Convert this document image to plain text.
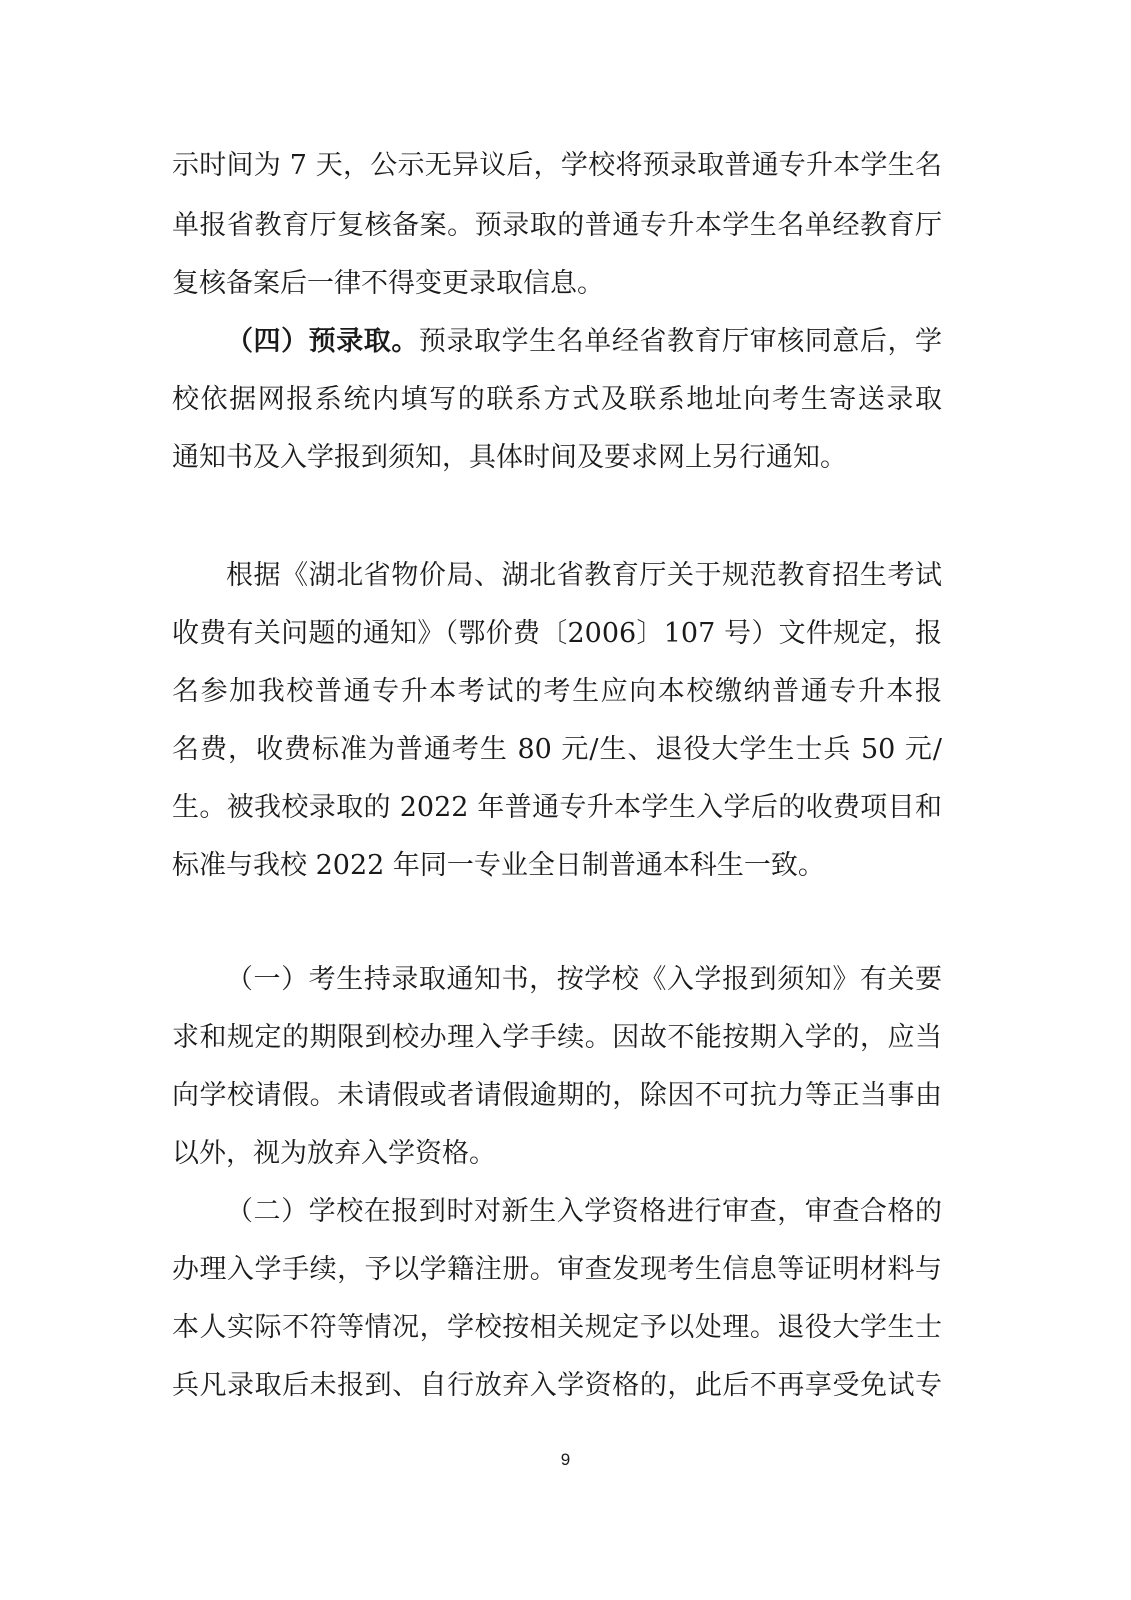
示时间为 7 天，公示无异议后，学校将预录取普通专升本学生名
单报省教育厅复核备案。预录取的普通专升本学生名单经教育厅
复核备案后一律不得变更录取信息。
（四）预录取。预录取学生名单经省教育厅审核同意后，学
校依据网报系统内填写的联系方式及联系地址向考生寄送录取
通知书及入学报到须知，具体时间及要求网上另行通知。
根据《湖北省物价局、湖北省教育厅关于规范教育招生考试
收费有关问题的通知》（鄂价费〔2006〕107 号）文件规定，报
名参加我校普通专升本考试的考生应向本校缴纳普通专升本报
名费，收费标准为普通考生 80 元/生、退役大学生士兵 50 元/
生。被我校录取的 2022 年普通专升本学生入学后的收费项目和
标准与我校 2022 年同一专业全日制普通本科生一致。
（一）考生持录取通知书，按学校《入学报到须知》有关要
求和规定的期限到校办理入学手续。因故不能按期入学的，应当
向学校请假。未请假或者请假逾期的，除因不可抗力等正当事由
以外，视为放弃入学资格。
（二）学校在报到时对新生入学资格进行审查，审查合格的
办理入学手续，予以学籍注册。审查发现考生信息等证明材料与
本人实际不符等情况，学校按相关规定予以处理。退役大学生士
兵凡录取后未报到、自行放弃入学资格的，此后不再享受免试专
9
